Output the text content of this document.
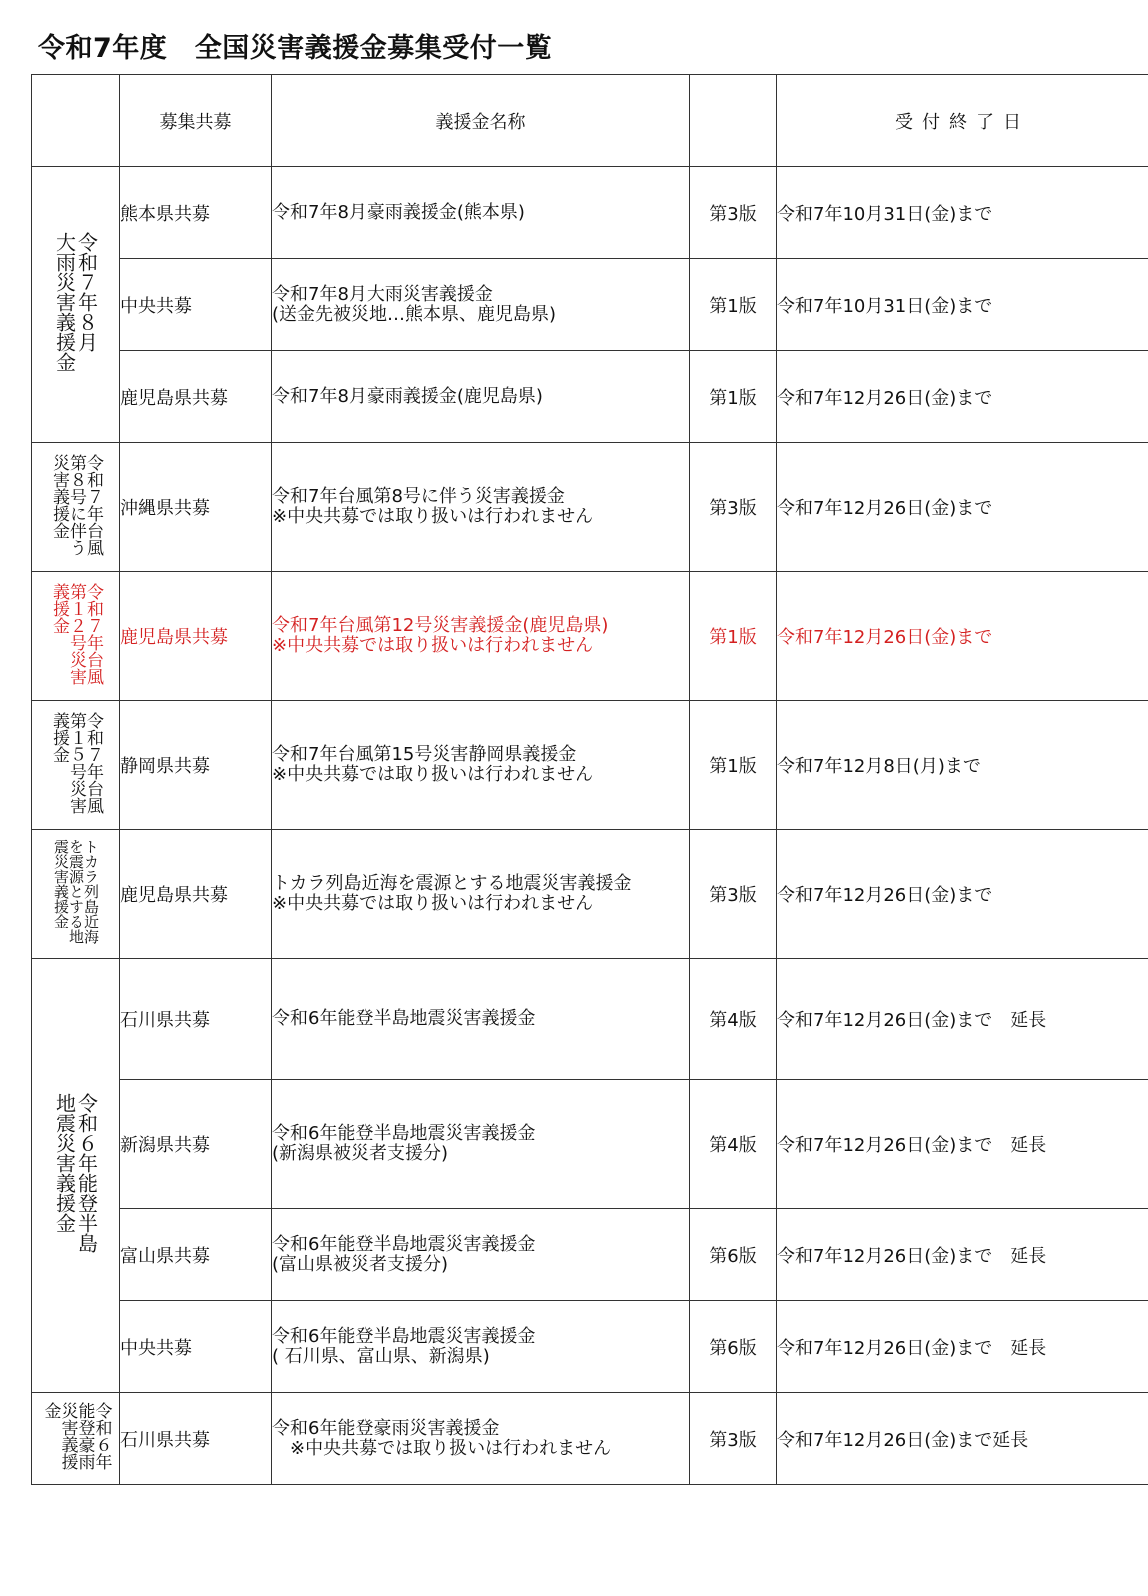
令和7年度　全国災害義援金募集受付一覧
	募集共募	義援金名称		受付終了日

令和７年８月
大雨災害義援金	熊本県共募	令和7年8月豪雨義援金(熊本県)	第3版	令和7年10月31日(金)まで
	中央共募	令和7年8月大雨災害義援金
(送金先被災地…熊本県、鹿児島県)	第1版	令和7年10月31日(金)まで
	鹿児島県共募	令和7年8月豪雨義援金(鹿児島県)	第1版	令和7年12月26日(金)まで

令和７年台風
第８号に伴う
災害義援金	沖縄県共募	令和7年台風第8号に伴う災害義援金
※中央共募では取り扱いは行われません	第3版	令和7年12月26日(金)まで

令和７年台風
第１２号災害
義援金	鹿児島県共募	令和7年台風第12号災害義援金(鹿児島県)
※中央共募では取り扱いは行われません	第1版	令和7年12月26日(金)まで

令和７年台風
第１５号災害
義援金	静岡県共募	令和7年台風第15号災害静岡県義援金
※中央共募では取り扱いは行われません	第1版	令和7年12月8日(月)まで

トカラ列島近海
を震源とする地
震災害義援金	鹿児島県共募	トカラ列島近海を震源とする地震災害義援金
※中央共募では取り扱いは行われません	第3版	令和7年12月26日(金)まで

令和６年能登半島
地震災害義援金	石川県共募	令和6年能登半島地震災害義援金	第4版	令和7年12月26日(金)まで　延長
	新潟県共募	令和6年能登半島地震災害義援金
(新潟県被災者支援分)	第4版	令和7年12月26日(金)まで　延長
	富山県共募	令和6年能登半島地震災害義援金
(富山県被災者支援分)	第6版	令和7年12月26日(金)まで　延長
	中央共募	令和6年能登半島地震災害義援金
( 石川県、富山県、新潟県)	第6版	令和7年12月26日(金)まで　延長

令和６年
能登豪雨
災害義援
金	石川県共募	令和6年能登豪雨災害義援金
　※中央共募では取り扱いは行われません	第3版	令和7年12月26日(金)まで延長
